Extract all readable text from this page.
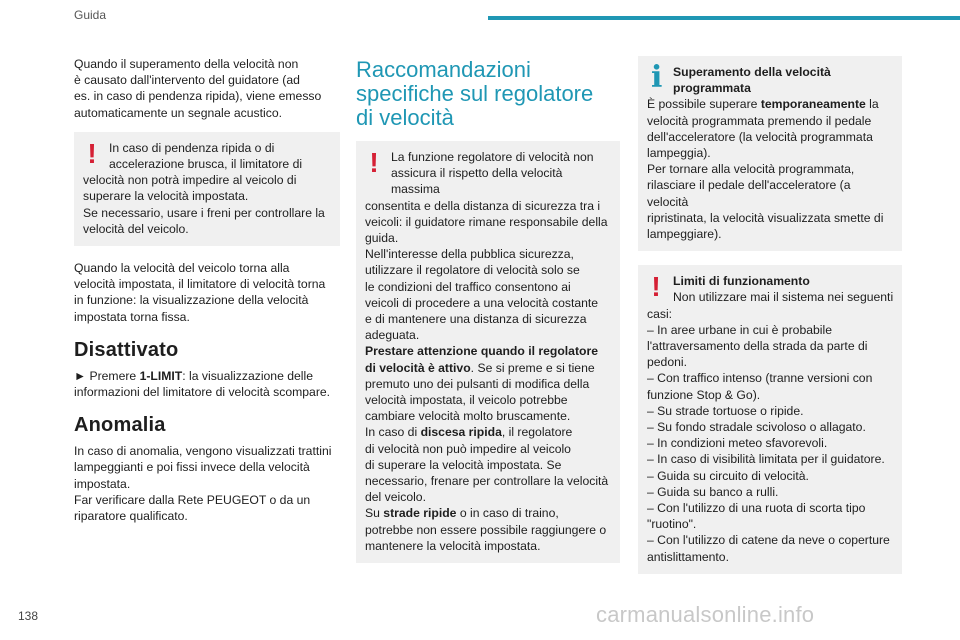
Guida

Quando il superamento della velocità non
è causato dall'intervento del guidatore (ad
es. in caso di pendenza ripida), viene emesso
automaticamente un segnale acustico.

!	In caso di pendenza ripida o di
accelerazione brusca, il limitatore di
velocità non potrà impedire al veicolo di
superare la velocità impostata.
Se necessario, usare i freni per controllare la
velocità del veicolo.

Quando la velocità del veicolo torna alla
velocità impostata, il limitatore di velocità torna
in funzione: la visualizzazione della velocità
impostata torna fissa.

Disattivato

► Premere 1-LIMIT: la visualizzazione delle
informazioni del limitatore di velocità scompare.

Anomalia

In caso di anomalia, vengono visualizzati trattini
lampeggianti e poi fissi invece della velocità
impostata.
Far verificare dalla Rete PEUGEOT o da un
riparatore qualificato.

Raccomandazioni
specifiche sul regolatore
di velocità
!	La funzione regolatore di velocità non
assicura il rispetto della velocità massima
consentita e della distanza di sicurezza tra i
veicoli: il guidatore rimane responsabile della
guida.
Nell'interesse della pubblica sicurezza,
utilizzare il regolatore di velocità solo se
le condizioni del traffico consentono ai
veicoli di procedere a una velocità costante
e di mantenere una distanza di sicurezza
adeguata.
Prestare attenzione quando il regolatore
di velocità è attivo. Se si preme e si tiene
premuto uno dei pulsanti di modifica della
velocità impostata, il veicolo potrebbe
cambiare velocità molto bruscamente.
In caso di discesa ripida, il regolatore
di velocità non può impedire al veicolo
di superare la velocità impostata. Se
necessario, frenare per controllare la velocità
del veicolo.
Su strade ripide o in caso di traino,
potrebbe non essere possibile raggiungere o
mantenere la velocità impostata.
i Superamento della velocità
programmata
È possibile superare temporaneamente la
velocità programmata premendo il pedale
dell'acceleratore (la velocità programmata
lampeggia).
Per tornare alla velocità programmata,
rilasciare il pedale dell'acceleratore (a velocità
ripristinata, la velocità visualizzata smette di
lampeggiare).
!	Limiti di funzionamento
Non utilizzare mai il sistema nei seguenti
casi:
– In aree urbane in cui è probabile
l'attraversamento della strada da parte di
pedoni.
– Con traffico intenso (tranne versioni con
funzione Stop & Go).
– Su strade tortuose o ripide.
– Su fondo stradale scivoloso o allagato.
– In condizioni meteo sfavorevoli.
– In caso di visibilità limitata per il guidatore.
– Guida su circuito di velocità.
– Guida su banco a rulli.
– Con l'utilizzo di una ruota di scorta tipo
"ruotino".
– Con l'utilizzo di catene da neve o coperture
antislittamento.
138	carmanualsonline.info
